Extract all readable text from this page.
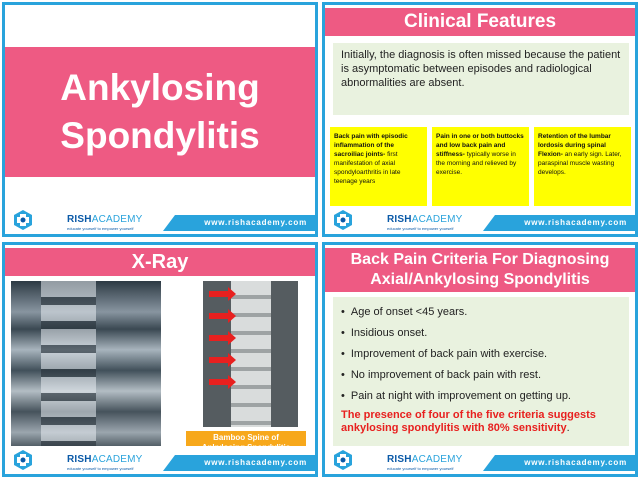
Ankylosing
Spondylitis
RISHACADEMY
educate yourself to empower yourself
www.rishacademy.com
Clinical Features
Initially, the diagnosis is often missed because the patient is asymptomatic between episodes and radiological abnormalities are absent.
Back pain with episodic inflammation of the sacroiliac joints- first manifestation of axial spondyloarthritis in late teenage years
Pain in one or both buttocks and low back pain and stiffness- typically worse in the morning and relieved by exercise.
Retention of the lumbar lordosis during spinal Flexion- an early sign. Later, paraspinal muscle wasting develops.
RISHACADEMY
educate yourself to empower yourself
www.rishacademy.com
X-Ray
Bamboo Spine of
RISHACADEMY
educate yourself to empower yourself
www.rishacademy.com
Back Pain Criteria For Diagnosing
Axial/Ankylosing Spondylitis
• Age of onset <45 years.
• Insidious onset.
• Improvement of back pain with exercise.
• No improvement of back pain with rest.
• Pain at night with improvement on getting up.
The presence of four of the five criteria suggests ankylosing spondylitis with 80% sensitivity.
RISHACADEMY
educate yourself to empower yourself
www.rishacademy.com
